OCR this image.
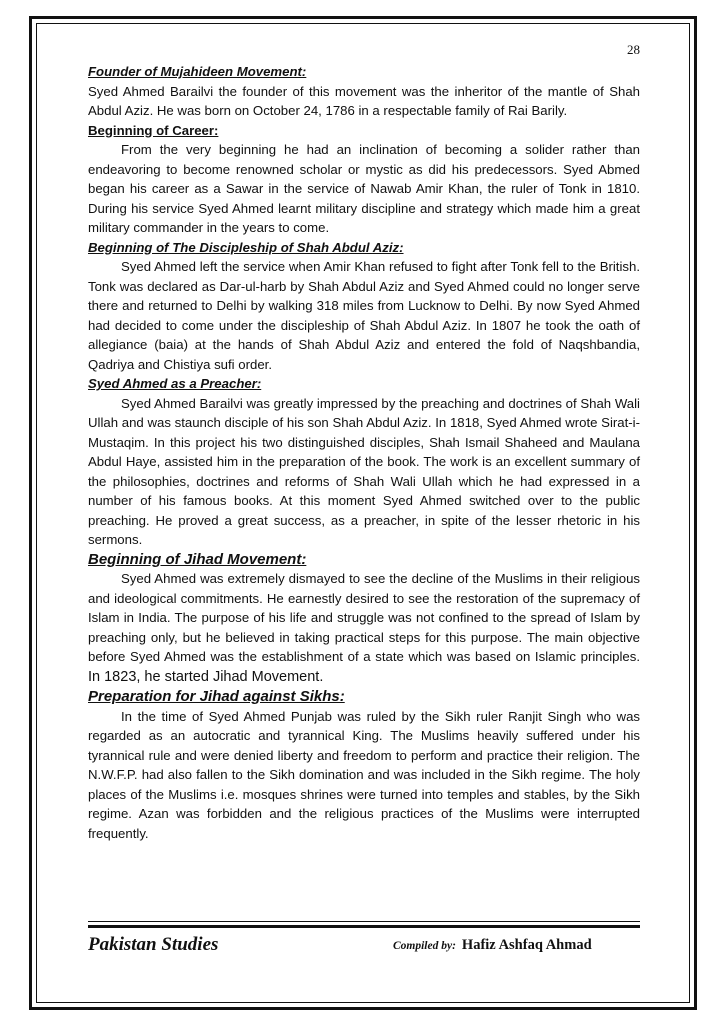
28

Founder of Mujahideen Movement:

Syed Ahmed Barailvi the founder of this movement was the inheritor of the mantle of Shah Abdul Aziz. He was born on October 24, 1786 in a respectable family of Rai Barily.

Beginning of Career:

From the very beginning he had an inclination of becoming a solider rather than endeavoring to become renowned scholar or mystic as did his predecessors. Syed Abmed began his career as a Sawar in the service of Nawab Amir Khan, the ruler of Tonk in 1810. During his service Syed Ahmed learnt military discipline and strategy which made him a great military commander in the years to come.

Beginning of The Discipleship of Shah Abdul Aziz:

Syed Ahmed left the service when Amir Khan refused to fight after Tonk fell to the British. Tonk was declared as Dar-ul-harb by Shah Abdul Aziz and Syed Ahmed could no longer serve there and returned to Delhi by walking 318 miles from Lucknow to Delhi. By now Syed Ahmed had decided to come under the discipleship of Shah Abdul Aziz. In 1807 he took the oath of allegiance (baia) at the hands of Shah Abdul Aziz and entered the fold of Naqshbandia, Qadriya and Chistiya sufi order.

Syed Ahmed as a Preacher:

Syed Ahmed Barailvi was greatly impressed by the preaching and doctrines of Shah Wali Ullah and was staunch disciple of his son Shah Abdul Aziz. In 1818, Syed Ahmed wrote Sirat-i-Mustaqim. In this project his two distinguished disciples, Shah Ismail Shaheed and Maulana Abdul Haye, assisted him in the preparation of the book. The work is an excellent summary of the philosophies, doctrines and reforms of Shah Wali Ullah which he had expressed in a number of his famous books. At this moment Syed Ahmed switched over to the public preaching. He proved a great success, as a preacher, in spite of the lesser rhetoric in his sermons.

Beginning of Jihad Movement:

Syed Ahmed was extremely dismayed to see the decline of the Muslims in their religious and ideological commitments. He earnestly desired to see the restoration of the supremacy of Islam in India. The purpose of his life and struggle was not confined to the spread of Islam by preaching only, but he believed in taking practical steps for this purpose. The main objective before Syed Ahmed was the establishment of a state which was based on Islamic principles. In 1823, he started Jihad Movement.

Preparation for Jihad against Sikhs:

In the time of Syed Ahmed Punjab was ruled by the Sikh ruler Ranjit Singh who was regarded as an autocratic and tyrannical King. The Muslims heavily suffered under his tyrannical rule and were denied liberty and freedom to perform and practice their religion. The N.W.F.P. had also fallen to the Sikh domination and was included in the Sikh regime. The holy places of the Muslims i.e. mosques shrines were turned into temples and stables, by the Sikh regime. Azan was forbidden and the religious practices of the Muslims were interrupted frequently.

Pakistan Studies	Compiled by: Hafiz Ashfaq Ahmad
